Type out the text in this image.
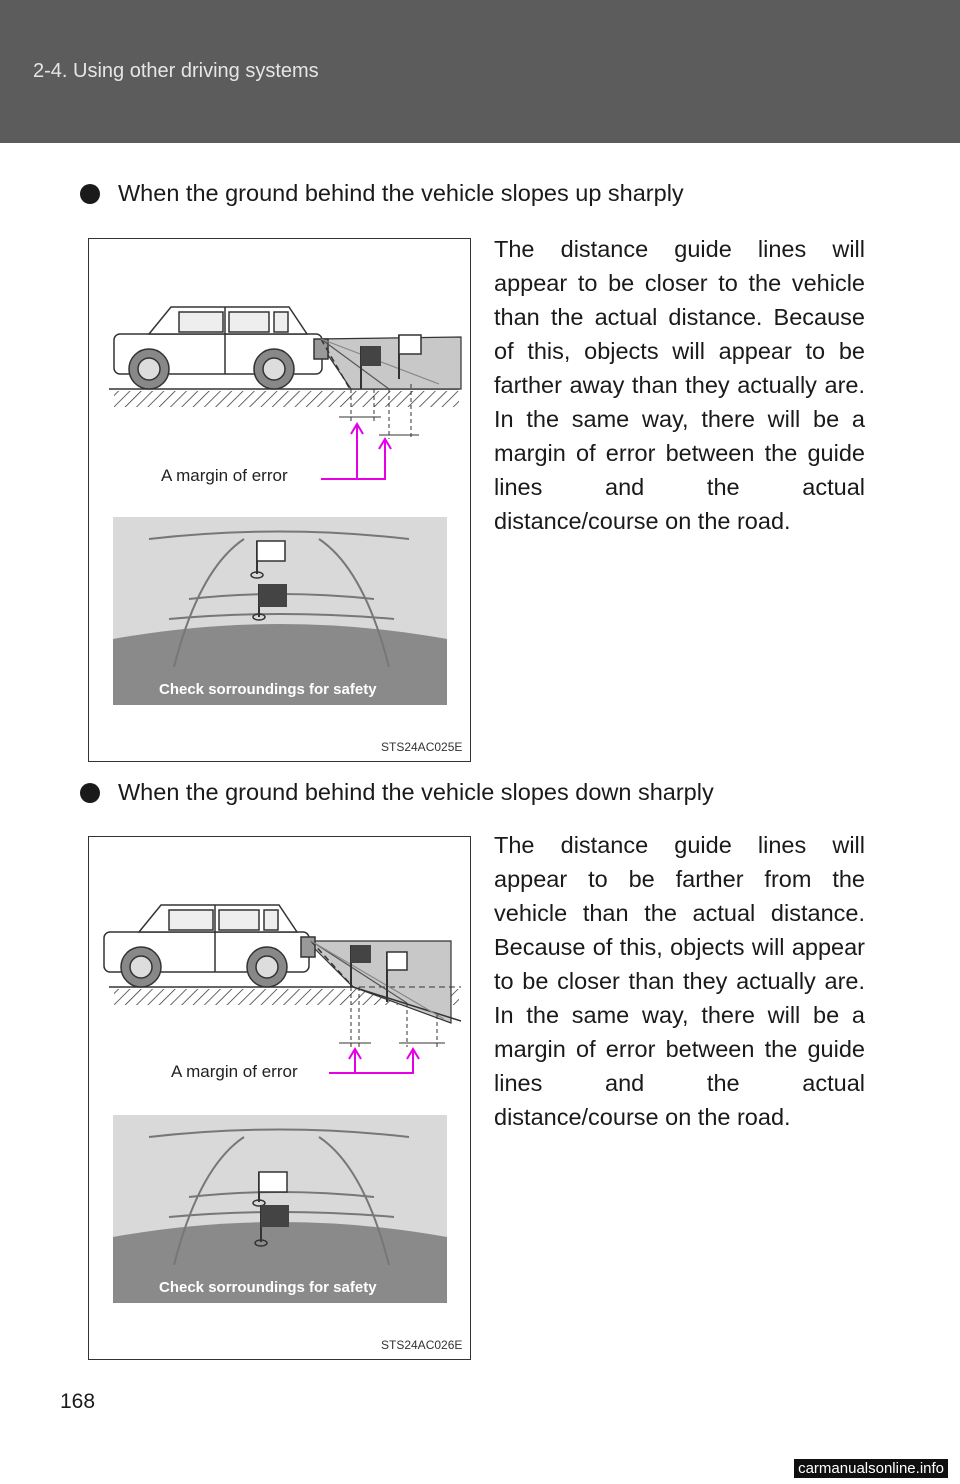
2-4. Using other driving systems
When the ground behind the vehicle slopes up sharply
A margin of error
Check sorroundings for safety
STS24AC025E
The distance guide lines will appear to be closer to the vehicle than the actual distance. Because of this, objects will appear to be farther away than they actually are. In the same way, there will be a margin of error between the guide lines and the actual distance/course on the road.
When the ground behind the vehicle slopes down sharply
A margin of error
Check sorroundings for safety
STS24AC026E
The distance guide lines will appear to be farther from the vehicle than the actual distance. Because of this, objects will appear to be closer than they actually are. In the same way, there will be a margin of error between the guide lines and the actual distance/course on the road.
168
carmanualsonline.info
